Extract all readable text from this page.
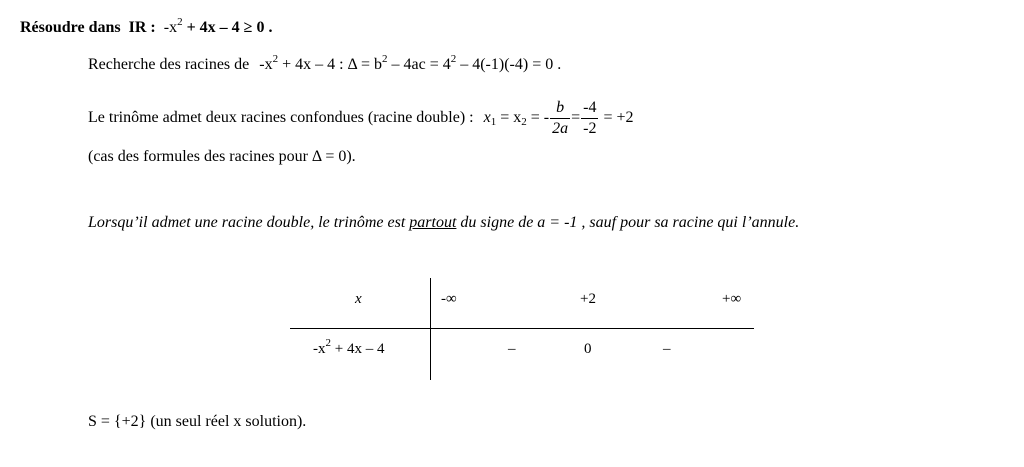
Résoudre dans IR : $-x^2 + 4x - 4 \ge 0$ .
Recherche des racines de $-x^2 + 4x - 4$ : $\Delta = b^2 - 4ac = 4^2 - 4(-1)(-4) = 0$ .
Le trinôme admet deux racines confondues (racine double) : $x_1 = x_2$ = - $\frac{b}{2a} = \frac{-4}{-2} = +2$
(cas des formules des racines pour Δ = 0).
Lorsqu’il admet une racine double, le trinôme est partout du signe de a = -1 , sauf pour sa racine qui l’annule.
x	-∞	+2	+∞
$-x^2 + 4x - 4$	–	0	–
S = {+2} (un seul réel x solution).
